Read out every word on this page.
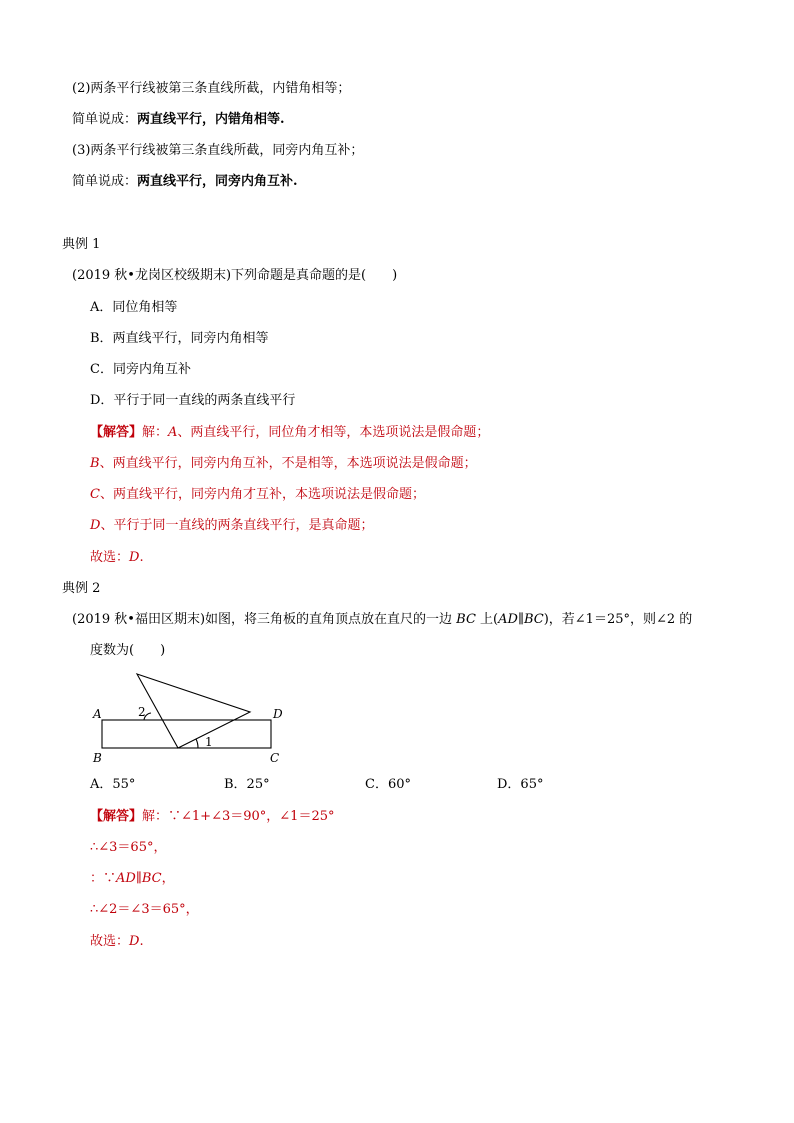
(2)两条平行线被第三条直线所截，内错角相等；
简单说成：两直线平行，内错角相等.
(3)两条平行线被第三条直线所截，同旁内角互补；
简单说成：两直线平行，同旁内角互补.
典例 1
(2019 秋•龙岗区校级期末)下列命题是真命题的是(　　)
A．同位角相等
B．两直线平行，同旁内角相等
C．同旁内角互补
D．平行于同一直线的两条直线平行
【解答】解：A、两直线平行，同位角才相等，本选项说法是假命题；
B、两直线平行，同旁内角互补，不是相等，本选项说法是假命题；
C、两直线平行，同旁内角才互补，本选项说法是假命题；
D、平行于同一直线的两条直线平行，是真命题；
故选：D.
典例 2
(2019 秋•福田区期末)如图，将三角板的直角顶点放在直尺的一边 BC 上(AD∥BC)，若∠1＝25°，则∠2 的
度数为(　　)
A
B	C
D
2
1
A．55°	B．25°	C．60°	D．65°
【解答】解：∵∠1+∠3＝90°，∠1＝25°
∴∠3＝65°，
：∵AD∥BC，
∴∠2＝∠3＝65°，
故选：D.
